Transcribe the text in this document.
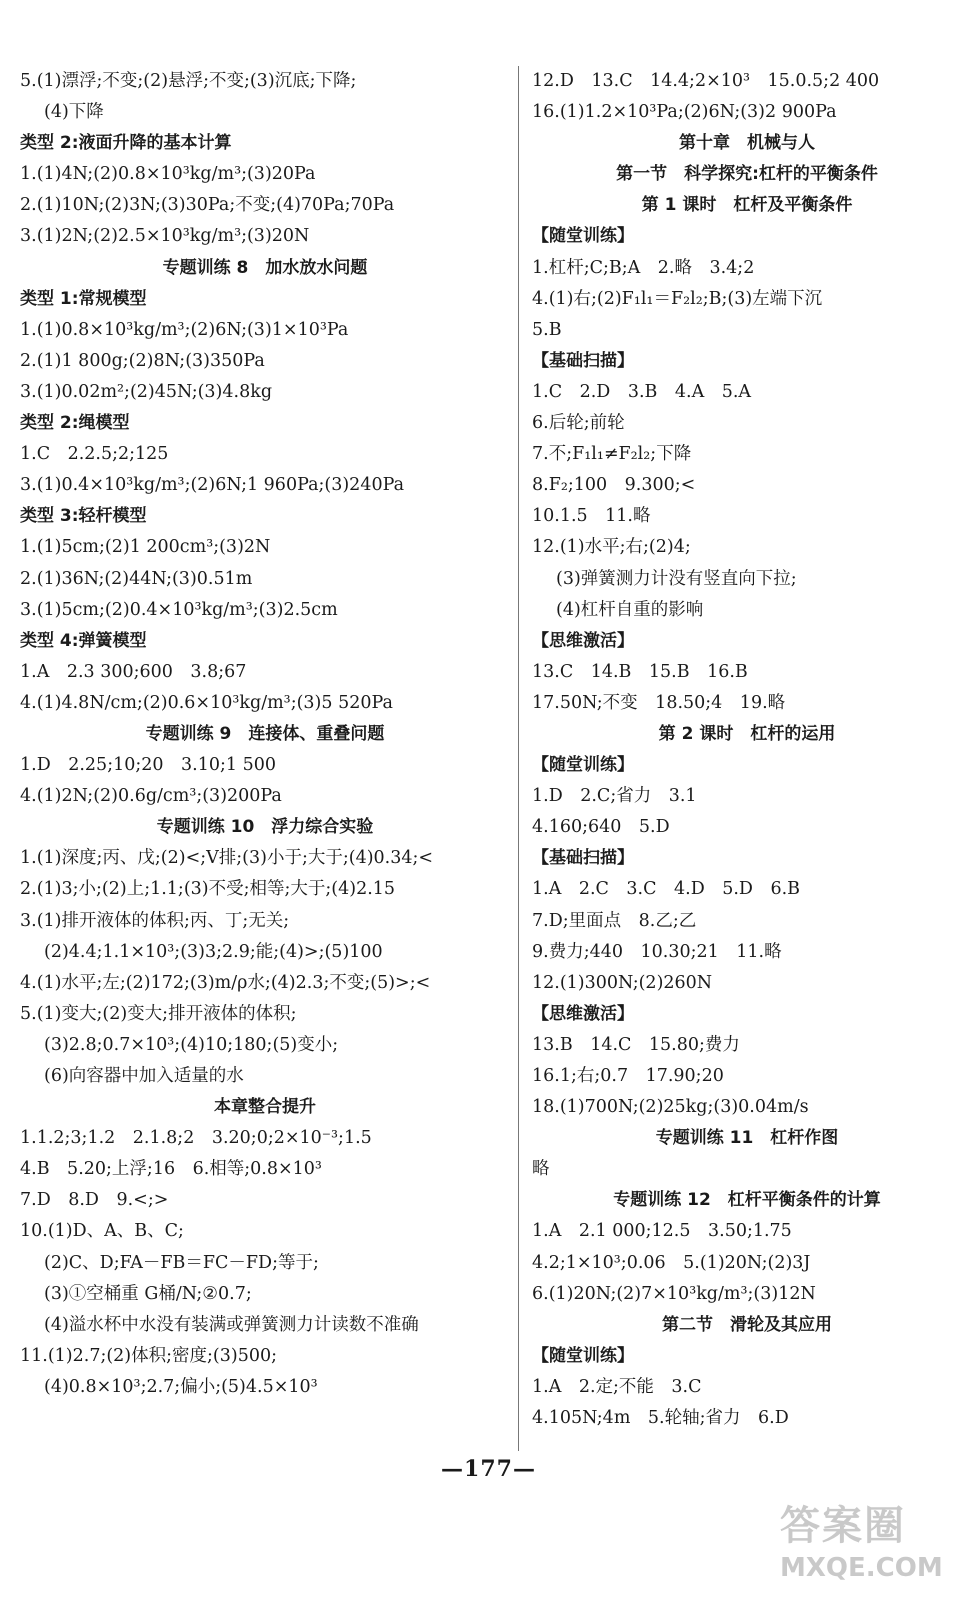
5.(1)漂浮;不变;(2)悬浮;不变;(3)沉底;下降;
(4)下降
类型 2:液面升降的基本计算
1.(1)4N;(2)0.8×10³kg/m³;(3)20Pa
2.(1)10N;(2)3N;(3)30Pa;不变;(4)70Pa;70Pa
3.(1)2N;(2)2.5×10³kg/m³;(3)20N
专题训练 8　加水放水问题
类型 1:常规模型
1.(1)0.8×10³kg/m³;(2)6N;(3)1×10³Pa
2.(1)1 800g;(2)8N;(3)350Pa
3.(1)0.02m²;(2)45N;(3)4.8kg
类型 2:绳模型
1.C　2.2.5;2;125
3.(1)0.4×10³kg/m³;(2)6N;1 960Pa;(3)240Pa
类型 3:轻杆模型
1.(1)5cm;(2)1 200cm³;(3)2N
2.(1)36N;(2)44N;(3)0.51m
3.(1)5cm;(2)0.4×10³kg/m³;(3)2.5cm
类型 4:弹簧模型
1.A　2.3 300;600　3.8;67
4.(1)4.8N/cm;(2)0.6×10³kg/m³;(3)5 520Pa
专题训练 9　连接体、重叠问题
1.D　2.25;10;20　3.10;1 500
4.(1)2N;(2)0.6g/cm³;(3)200Pa
专题训练 10　浮力综合实验
1.(1)深度;丙、戊;(2)<;V排;(3)小于;大于;(4)0.34;<
2.(1)3;小;(2)上;1.1;(3)不受;相等;大于;(4)2.15
3.(1)排开液体的体积;丙、丁;无关;
(2)4.4;1.1×10³;(3)3;2.9;能;(4)>;(5)100
4.(1)水平;左;(2)172;(3)m/ρ水;(4)2.3;不变;(5)>;<
5.(1)变大;(2)变大;排开液体的体积;
(3)2.8;0.7×10³;(4)10;180;(5)变小;
(6)向容器中加入适量的水
本章整合提升
1.1.2;3;1.2　2.1.8;2　3.20;0;2×10⁻³;1.5
4.B　5.20;上浮;16　6.相等;0.8×10³
7.D　8.D　9.<;>
10.(1)D、A、B、C;
(2)C、D;FA－FB＝FC－FD;等于;
(3)①空桶重 G桶/N;②0.7;
(4)溢水杯中水没有装满或弹簧测力计读数不准确
11.(1)2.7;(2)体积;密度;(3)500;
(4)0.8×10³;2.7;偏小;(5)4.5×10³
12.D　13.C　14.4;2×10³　15.0.5;2 400
16.(1)1.2×10³Pa;(2)6N;(3)2 900Pa
第十章　机械与人
第一节　科学探究:杠杆的平衡条件
第 1 课时　杠杆及平衡条件
【随堂训练】
1.杠杆;C;B;A　2.略　3.4;2
4.(1)右;(2)F₁l₁＝F₂l₂;B;(3)左端下沉
5.B
【基础扫描】
1.C　2.D　3.B　4.A　5.A
6.后轮;前轮
7.不;F₁l₁≠F₂l₂;下降
8.F₂;100　9.300;<
10.1.5　11.略
12.(1)水平;右;(2)4;
(3)弹簧测力计没有竖直向下拉;
(4)杠杆自重的影响
【思维激活】
13.C　14.B　15.B　16.B
17.50N;不变　18.50;4　19.略
第 2 课时　杠杆的运用
【随堂训练】
1.D　2.C;省力　3.1
4.160;640　5.D
【基础扫描】
1.A　2.C　3.C　4.D　5.D　6.B
7.D;里面点　8.乙;乙
9.费力;440　10.30;21　11.略
12.(1)300N;(2)260N
【思维激活】
13.B　14.C　15.80;费力
16.1;右;0.7　17.90;20
18.(1)700N;(2)25kg;(3)0.04m/s
专题训练 11　杠杆作图
略
专题训练 12　杠杆平衡条件的计算
1.A　2.1 000;12.5　3.50;1.75
4.2;1×10³;0.06　5.(1)20N;(2)3J
6.(1)20N;(2)7×10³kg/m³;(3)12N
第二节　滑轮及其应用
【随堂训练】
1.A　2.定;不能　3.C
4.105N;4m　5.轮轴;省力　6.D
—177—
答案圈
MXQE.COM
